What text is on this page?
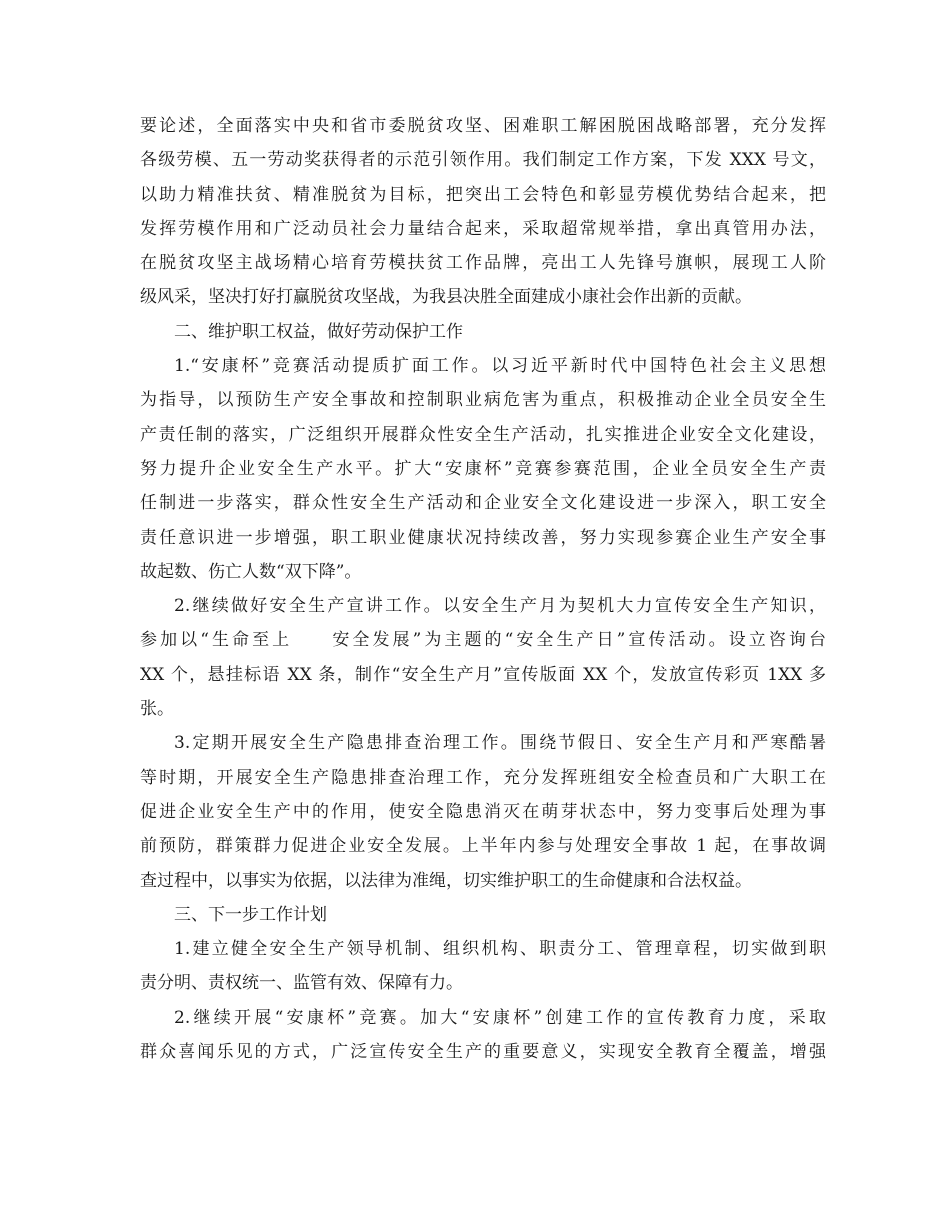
要论述，全面落实中央和省市委脱贫攻坚、困难职工解困脱困战略部署，充分发挥
各级劳模、五一劳动奖获得者的示范引领作用。我们制定工作方案，下发 XXX 号文，
以助力精准扶贫、精准脱贫为目标，把突出工会特色和彰显劳模优势结合起来，把
发挥劳模作用和广泛动员社会力量结合起来，采取超常规举措，拿出真管用办法，
在脱贫攻坚主战场精心培育劳模扶贫工作品牌，亮出工人先锋号旗帜，展现工人阶
级风采，坚决打好打赢脱贫攻坚战，为我县决胜全面建成小康社会作出新的贡献。
二、维护职工权益，做好劳动保护工作
1.“安康杯”竞赛活动提质扩面工作。以习近平新时代中国特色社会主义思想
为指导，以预防生产安全事故和控制职业病危害为重点，积极推动企业全员安全生
产责任制的落实，广泛组织开展群众性安全生产活动，扎实推进企业安全文化建设，
努力提升企业安全生产水平。扩大“安康杯”竞赛参赛范围，企业全员安全生产责
任制进一步落实，群众性安全生产活动和企业安全文化建设进一步深入，职工安全
责任意识进一步增强，职工职业健康状况持续改善，努力实现参赛企业生产安全事
故起数、伤亡人数“双下降”。
2.继续做好安全生产宣讲工作。以安全生产月为契机大力宣传安全生产知识，
参加以“生命至上　　安全发展”为主题的“安全生产日”宣传活动。设立咨询台
XX 个，悬挂标语 XX 条，制作“安全生产月”宣传版面 XX 个，发放宣传彩页 1XX 多
张。
3.定期开展安全生产隐患排查治理工作。围绕节假日、安全生产月和严寒酷暑
等时期，开展安全生产隐患排查治理工作，充分发挥班组安全检查员和广大职工在
促进企业安全生产中的作用，使安全隐患消灭在萌芽状态中，努力变事后处理为事
前预防，群策群力促进企业安全发展。上半年内参与处理安全事故 1 起，在事故调
查过程中，以事实为依据，以法律为准绳，切实维护职工的生命健康和合法权益。
三、下一步工作计划
1.建立健全安全生产领导机制、组织机构、职责分工、管理章程，切实做到职
责分明、责权统一、监管有效、保障有力。
2.继续开展“安康杯”竞赛。加大“安康杯”创建工作的宣传教育力度，采取
群众喜闻乐见的方式，广泛宣传安全生产的重要意义，实现安全教育全覆盖，增强
